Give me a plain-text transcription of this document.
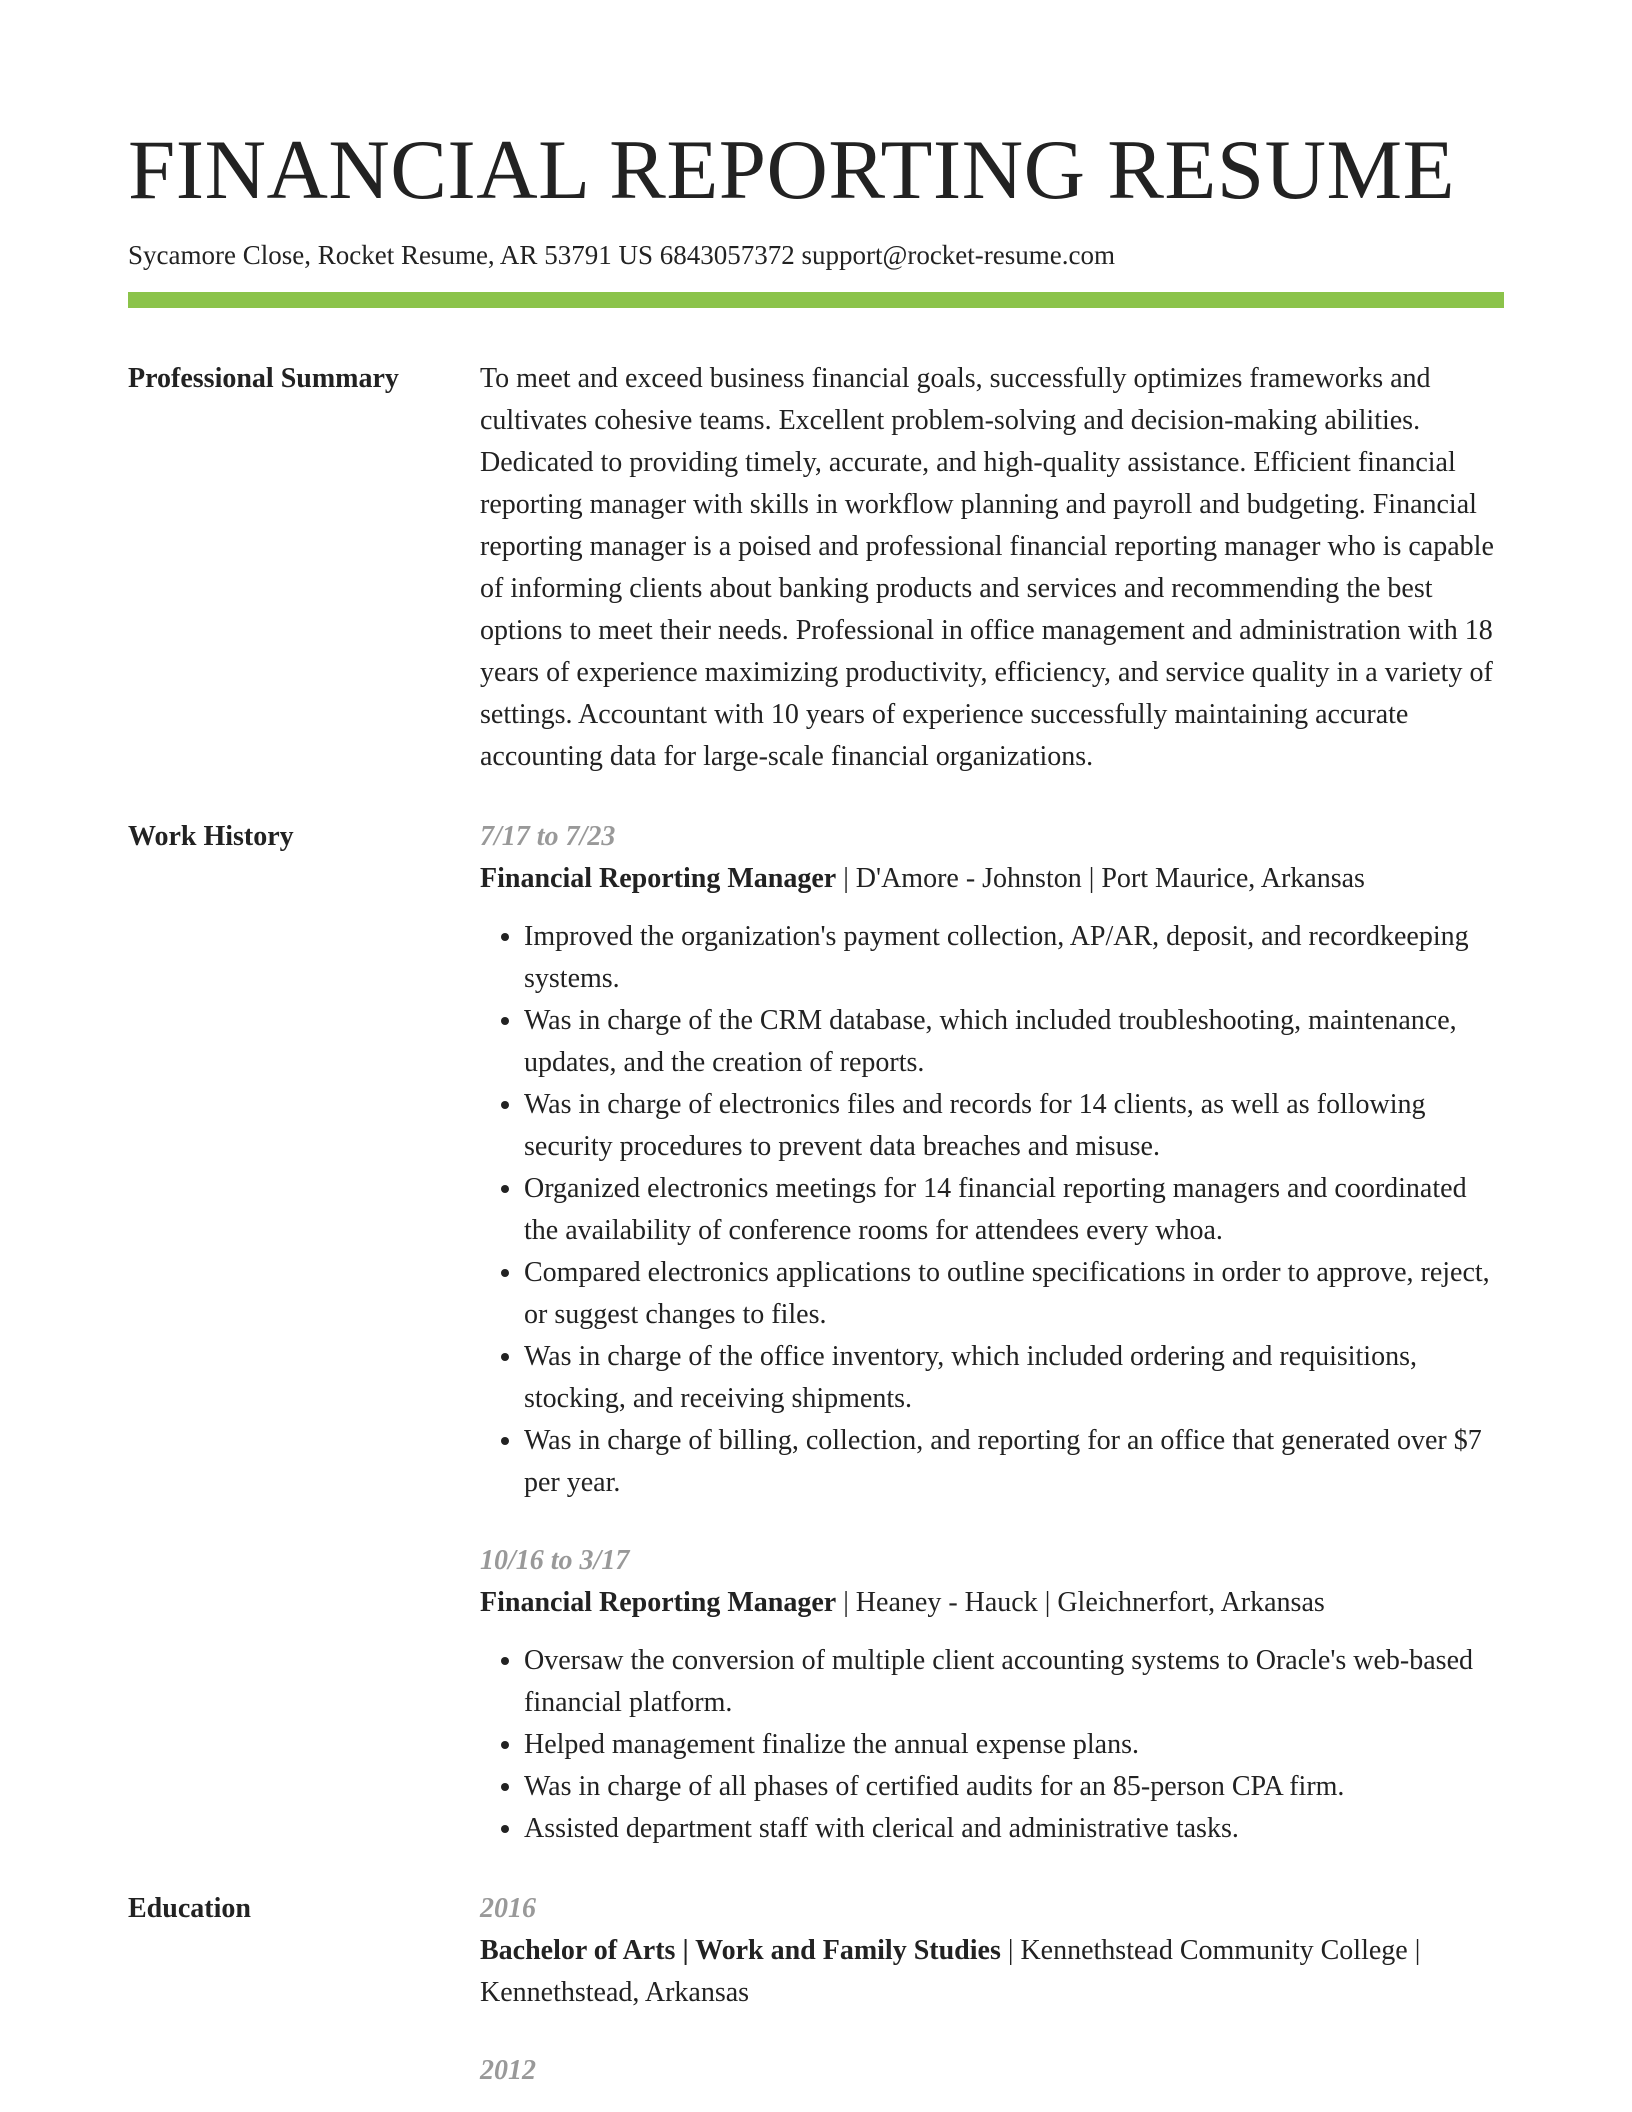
FINANCIAL REPORTING RESUME
Sycamore Close, Rocket Resume, AR 53791 US 6843057372 support@rocket-resume.com
Professional Summary	To meet and exceed business financial goals, successfully optimizes frameworks and cultivates cohesive teams. Excellent problem-solving and decision-making abilities. Dedicated to providing timely, accurate, and high-quality assistance. Efficient financial reporting manager with skills in workflow planning and payroll and budgeting. Financial reporting manager is a poised and professional financial reporting manager who is capable of informing clients about banking products and services and recommending the best options to meet their needs. Professional in office management and administration with 18 years of experience maximizing productivity, efficiency, and service quality in a variety of settings. Accountant with 10 years of experience successfully maintaining accurate accounting data for large-scale financial organizations.

Work History	7/17 to 7/23
Financial Reporting Manager | D'Amore - Johnston | Port Maurice, Arkansas
• Improved the organization's payment collection, AP/AR, deposit, and recordkeeping systems.
• Was in charge of the CRM database, which included troubleshooting, maintenance, updates, and the creation of reports.
• Was in charge of electronics files and records for 14 clients, as well as following security procedures to prevent data breaches and misuse.
• Organized electronics meetings for 14 financial reporting managers and coordinated the availability of conference rooms for attendees every whoa.
• Compared electronics applications to outline specifications in order to approve, reject, or suggest changes to files.
• Was in charge of the office inventory, which included ordering and requisitions, stocking, and receiving shipments.
• Was in charge of billing, collection, and reporting for an office that generated over $7 per year.
10/16 to 3/17
Financial Reporting Manager | Heaney - Hauck | Gleichnerfort, Arkansas
• Oversaw the conversion of multiple client accounting systems to Oracle's web-based financial platform.
• Helped management finalize the annual expense plans.
• Was in charge of all phases of certified audits for an 85-person CPA firm.
• Assisted department staff with clerical and administrative tasks.
Education	2016
Bachelor of Arts | Work and Family Studies | Kennethstead Community College | Kennethstead, Arkansas
2012
